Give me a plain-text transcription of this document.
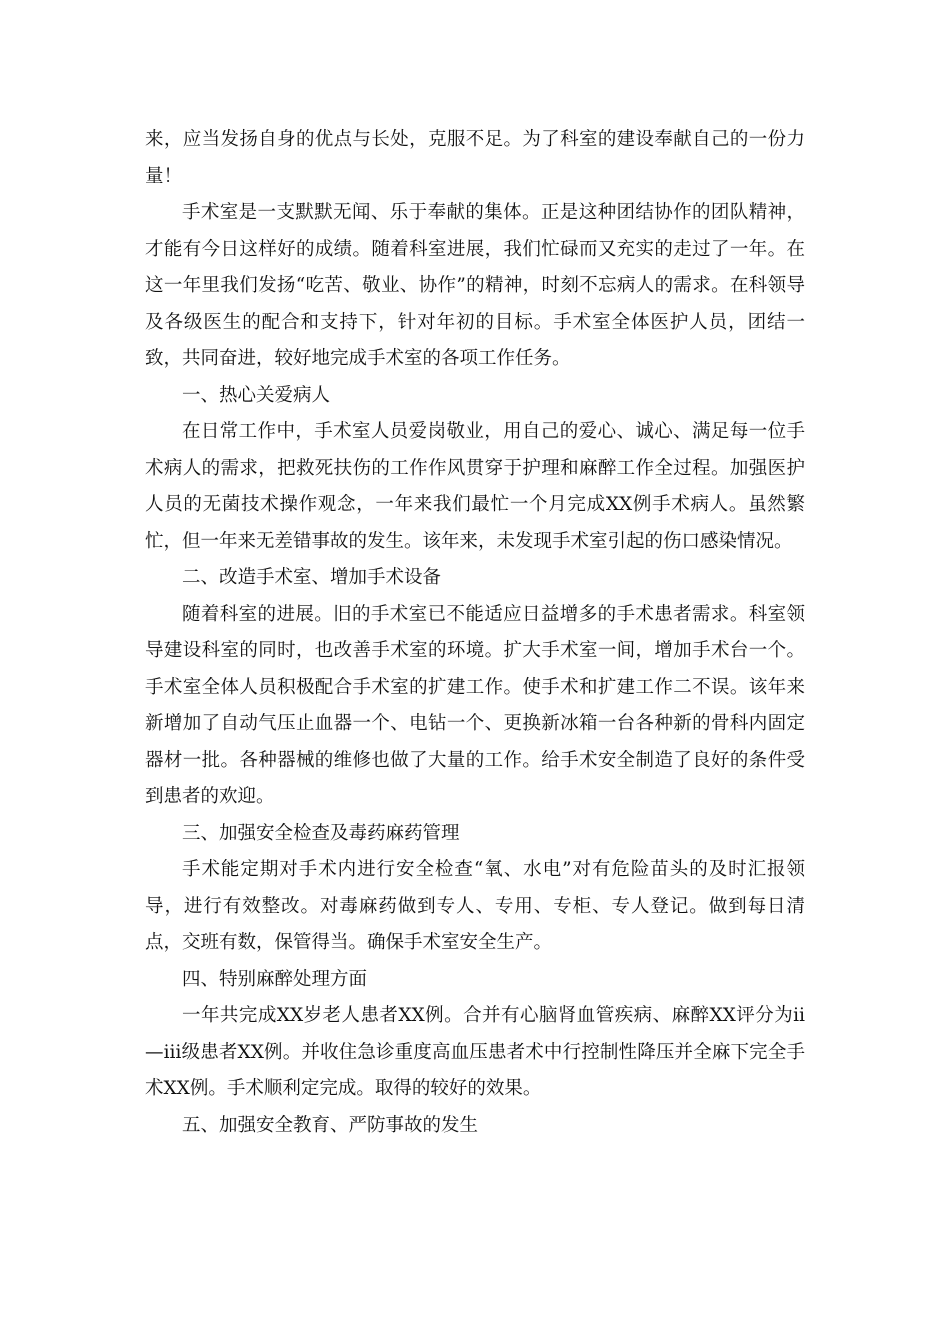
来，应当发扬自身的优点与长处，克服不足。为了科室的建设奉献自己的一份力量！

手术室是一支默默无闻、乐于奉献的集体。正是这种团结协作的团队精神，才能有今日这样好的成绩。随着科室进展，我们忙碌而又充实的走过了一年。在这一年里我们发扬“吃苦、敬业、协作”的精神，时刻不忘病人的需求。在科领导及各级医生的配合和支持下，针对年初的目标。手术室全体医护人员，团结一致，共同奋进，较好地完成手术室的各项工作任务。

一、热心关爱病人

在日常工作中，手术室人员爱岗敬业，用自己的爱心、诚心、满足每一位手术病人的需求，把救死扶伤的工作作风贯穿于护理和麻醉工作全过程。加强医护人员的无菌技术操作观念，一年来我们最忙一个月完成XX例手术病人。虽然繁忙，但一年来无差错事故的发生。该年来，未发现手术室引起的伤口感染情况。

二、改造手术室、增加手术设备

随着科室的进展。旧的手术室已不能适应日益增多的手术患者需求。科室领导建设科室的同时，也改善手术室的环境。扩大手术室一间，增加手术台一个。手术室全体人员积极配合手术室的扩建工作。使手术和扩建工作二不误。该年来新增加了自动气压止血器一个、电钻一个、更换新冰箱一台各种新的骨科内固定器材一批。各种器械的维修也做了大量的工作。给手术安全制造了良好的条件受到患者的欢迎。

三、加强安全检查及毒药麻药管理

手术能定期对手术内进行安全检查“氧、水电”对有危险苗头的及时汇报领导，进行有效整改。对毒麻药做到专人、专用、专柜、专人登记。做到每日清点，交班有数，保管得当。确保手术室安全生产。

四、特别麻醉处理方面

一年共完成XX岁老人患者XX例。合并有心脑肾血管疾病、麻醉XX评分为ⅱ—ⅲ级患者XX例。并收住急诊重度高血压患者术中行控制性降压并全麻下完全手术XX例。手术顺利定完成。取得的较好的效果。

五、加强安全教育、严防事故的发生
